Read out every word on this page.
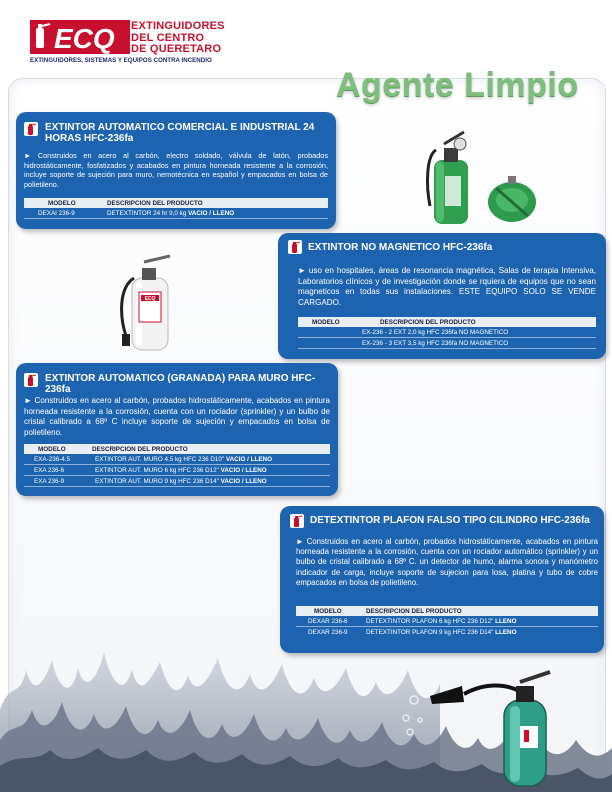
ECQ EXTINGUIDORES
DEL CENTRO
DE QUERETARO
EXTINGUIDORES, SISTEMAS Y EQUIPOS CONTRA INCENDIO
Agente Limpio
EXTINTOR AUTOMATICO COMERCIAL E INDUSTRIAL 24 HORAS HFC-236fa
► Construidos en acero al carbón, electro soldado, válvula de latón, probados hidrostáticamente, fosfatizados y acabados en pintura horneada resistente a la corrosión, incluye soporte de sujeción para muro, nemotécnica en español y empacados en bolsa de polietileno.
MODELO	DESCRIPCION DEL PRODUCTO
DEXAI 236-9	DETEXTINTOR 24 hr 9,0 kg VACIO / LLENO
EXTINTOR NO MAGNETICO HFC-236fa
► uso en hospitales, áreas de resonancia magnética, Salas de terapia Intensiva, Laboratorios clínicos y de investigación donde se rquiera de equipos que no sean magneticos en todas sus instalaciones. ESTE EQUIPO SOLO SE VENDE CARGADO.
MODELO	DESCRIPCION DEL PRODUCTO
EX-236 - 2 EXT 2,0 kg HFC 236fa NO MAGNETICO
EX-236 - 3 EXT 3,5 kg HFC 236fa NO MAGNETICO
EXTINTOR AUTOMATICO (GRANADA) PARA MURO HFC-236fa
► Construidos en acero al carbón, probados hidrostáticamente, acabados en pintura horneada resistente a la corrosión, cuenta con un rociador (sprinkler) y un bulbo de cristal calibrado a 68º C incluye soporte de sujeción y empacados en bolsa de polietileno.
MODELO	DESCRIPCION DEL PRODUCTO
EXA-236-4.5	EXTINTOR AUT. MURO 4.5 kg HFC 236 D10" VACIO / LLENO
EXA 236-6	EXTINTOR AUT. MURO 6 kg HFC 236 D12" VACIO / LLENO
EXA 236-9	EXTINTOR AUT. MURO 9 kg HFC 236 D14" VACIO / LLENO
DETEXTINTOR PLAFON FALSO TIPO CILINDRO HFC-236fa
► Construidos en acero al carbón, probados hidrostáticamente, acabados en pintura horneada resistente a la corrosión, cuenta con un rociador automático (sprinkler) y un bulbo de cristal calibrado a 68º C. un detector de humo, alarma sonora y manómetro indicador de carga, incluye soporte de sujecion para losa, platina y tubo de cobre empacados en bolsa de polietileno.
MODELO	DESCRIPCION DEL PRODUCTO
DEXAR 236-6	DETEXTINTOR PLAFON 6 kg HFC 236 D12" LLENO
DEXAR 236-9	DETEXTINTOR PLAFON 9 kg HFC 236 D14" LLENO
ECQ
